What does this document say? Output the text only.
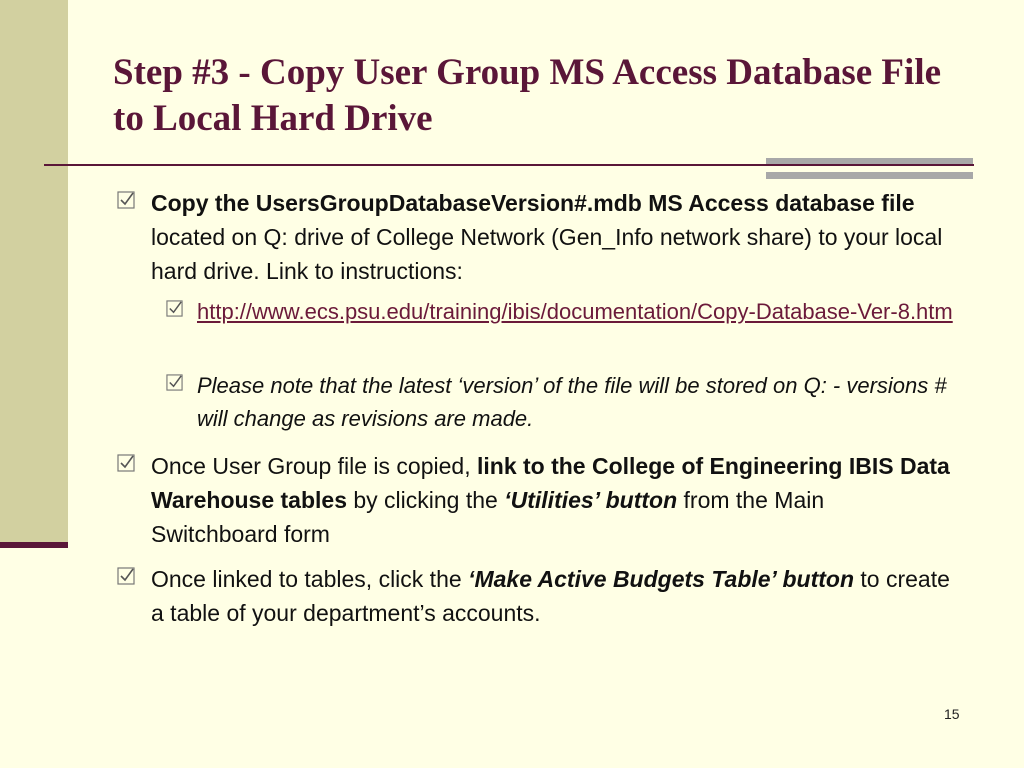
Step #3 - Copy User Group MS Access Database File to Local Hard Drive
Copy the UsersGroupDatabaseVersion#.mdb MS Access database file located on Q: drive of College Network (Gen_Info network share) to your local hard drive. Link to instructions:
http://www.ecs.psu.edu/training/ibis/documentation/Copy-Database-Ver-8.htm
Please note that the latest ‘version’ of the file will be stored on Q: - versions # will change as revisions are made.
Once User Group file is copied, link to the College of Engineering IBIS Data Warehouse tables by clicking the ‘Utilities’ button from the Main Switchboard form
Once linked to tables, click the ‘Make Active Budgets Table’ button to create a table of your department’s accounts.
15
